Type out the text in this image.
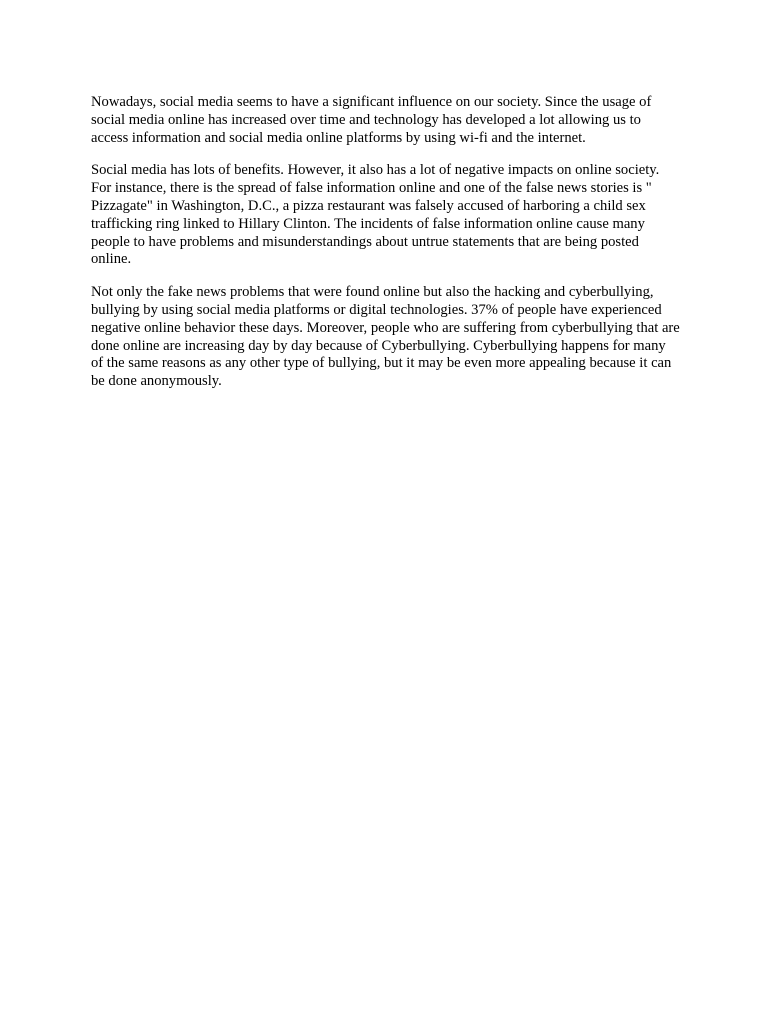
Nowadays, social media seems to have a significant influence on our society. Since the usage of social media online has increased over time and technology has developed a lot allowing us to access information and social media online platforms by using wi-fi and the internet.

Social media has lots of benefits. However, it also has a lot of negative impacts on online society. For instance, there is the spread of false information online and one of the false news stories is " Pizzagate" in Washington, D.C., a pizza restaurant was falsely accused of harboring a child sex trafficking ring linked to Hillary Clinton. The incidents of false information online cause many people to have problems and misunderstandings about untrue statements that are being posted online.

Not only the fake news problems that were found online but also the hacking and cyberbullying, bullying by using social media platforms or digital technologies. 37% of people have experienced negative online behavior these days. Moreover, people who are suffering from cyberbullying that are done online are increasing day by day because of Cyberbullying. Cyberbullying happens for many of the same reasons as any other type of bullying, but it may be even more appealing because it can be done anonymously.
